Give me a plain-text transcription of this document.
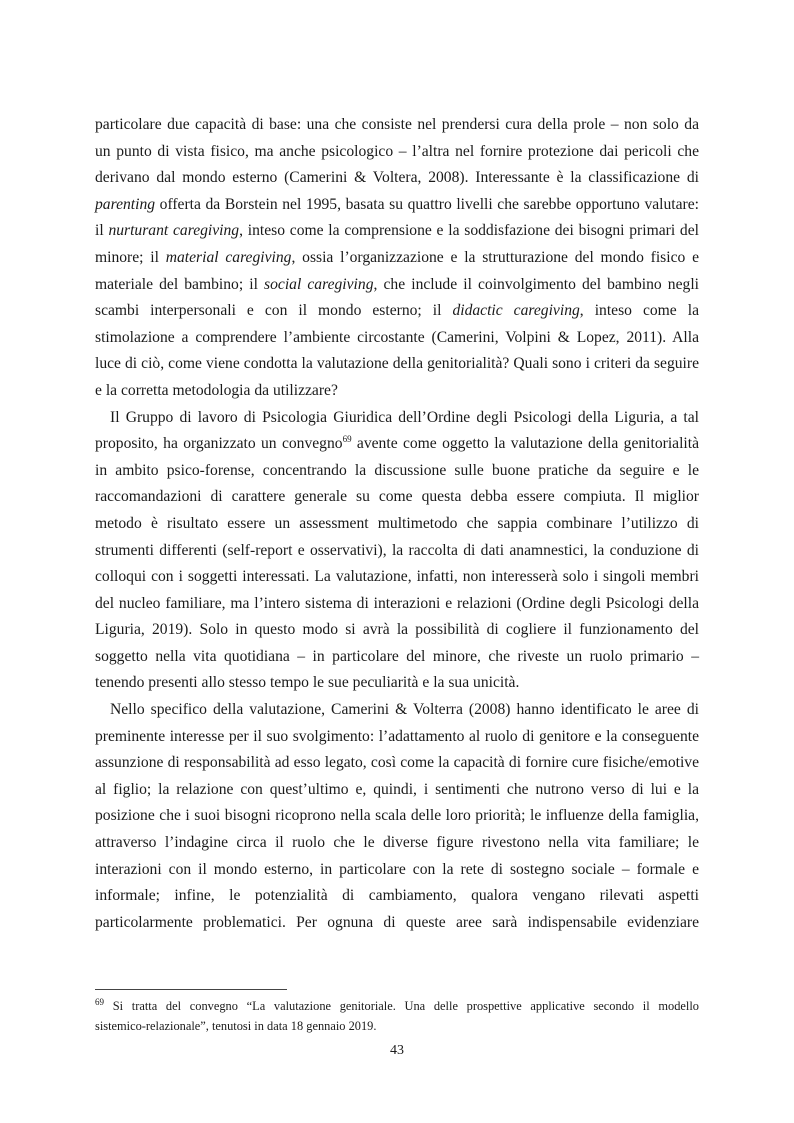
particolare due capacità di base: una che consiste nel prendersi cura della prole – non solo da
un punto di vista fisico, ma anche psicologico – l’altra nel fornire protezione dai pericoli che
derivano dal mondo esterno (Camerini & Voltera, 2008). Interessante è la classificazione di
parenting offerta da Borstein nel 1995, basata su quattro livelli che sarebbe opportuno valutare:
il nurturant caregiving, inteso come la comprensione e la soddisfazione dei bisogni primari del
minore; il material caregiving, ossia l’organizzazione e la strutturazione del mondo fisico e
materiale del bambino; il social caregiving, che include il coinvolgimento del bambino negli
scambi interpersonali e con il mondo esterno; il didactic caregiving, inteso come la
stimolazione a comprendere l’ambiente circostante (Camerini, Volpini & Lopez, 2011). Alla
luce di ciò, come viene condotta la valutazione della genitorialità? Quali sono i criteri da seguire
e la corretta metodologia da utilizzare?
Il Gruppo di lavoro di Psicologia Giuridica dell’Ordine degli Psicologi della Liguria, a tal
proposito, ha organizzato un convegno$^{69}$ avente come oggetto la valutazione della genitorialità
in ambito psico-forense, concentrando la discussione sulle buone pratiche da seguire e le
raccomandazioni di carattere generale su come questa debba essere compiuta. Il miglior
metodo è risultato essere un assessment multimetodo che sappia combinare l’utilizzo di
strumenti differenti (self-report e osservativi), la raccolta di dati anamnestici, la conduzione di
colloqui con i soggetti interessati. La valutazione, infatti, non interesserà solo i singoli membri
del nucleo familiare, ma l’intero sistema di interazioni e relazioni (Ordine degli Psicologi della
Liguria, 2019). Solo in questo modo si avrà la possibilità di cogliere il funzionamento del
soggetto nella vita quotidiana – in particolare del minore, che riveste un ruolo primario –
tenendo presenti allo stesso tempo le sue peculiarità e la sua unicità.
Nello specifico della valutazione, Camerini & Volterra (2008) hanno identificato le aree di
preminente interesse per il suo svolgimento: l’adattamento al ruolo di genitore e la conseguente
assunzione di responsabilità ad esso legato, così come la capacità di fornire cure fisiche/emotive
al figlio; la relazione con quest’ultimo e, quindi, i sentimenti che nutrono verso di lui e la
posizione che i suoi bisogni ricoprono nella scala delle loro priorità; le influenze della famiglia,
attraverso l’indagine circa il ruolo che le diverse figure rivestono nella vita familiare; le
interazioni con il mondo esterno, in particolare con la rete di sostegno sociale – formale e
informale; infine, le potenzialità di cambiamento, qualora vengano rilevati aspetti
particolarmente problematici. Per ognuna di queste aree sarà indispensabile evidenziare
$^{69}$ Si tratta del convegno “La valutazione genitoriale. Una delle prospettive applicative secondo il modello
sistemico-relazionale”, tenutosi in data 18 gennaio 2019.
43
